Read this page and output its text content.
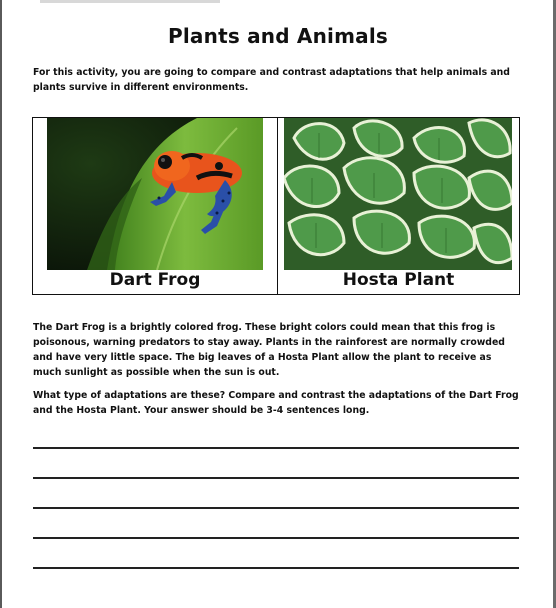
Plants and Animals
For this activity, you are going to compare and contrast adaptations that help animals and plants survive in different environments.
Dart Frog	Hosta Plant
The Dart Frog is a brightly colored frog. These bright colors could mean that this frog is poisonous, warning predators to stay away. Plants in the rainforest are normally crowded and have very little space. The big leaves of a Hosta Plant allow the plant to receive as much sunlight as possible when the sun is out.
What type of adaptations are these? Compare and contrast the adaptations of the Dart Frog and the Hosta Plant. Your answer should be 3-4 sentences long.
